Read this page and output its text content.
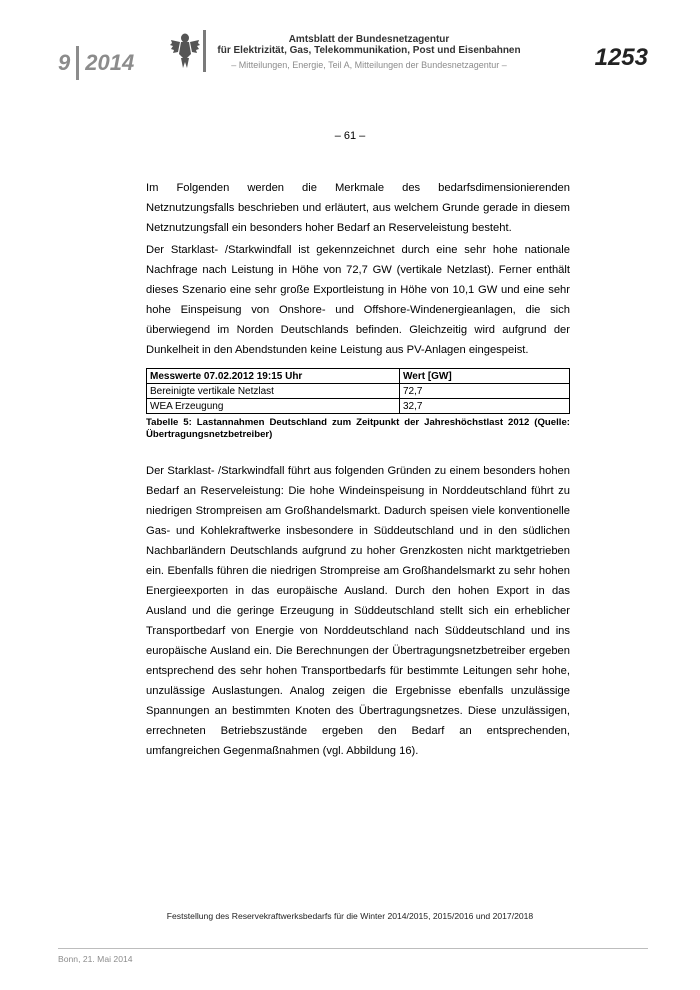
9 2014
Amtsblatt der Bundesnetzagentur
für Elektrizität, Gas, Telekommunikation, Post und Eisenbahnen
– Mitteilungen, Energie, Teil A, Mitteilungen der Bundesnetzagentur –	1253
– 61 –
Im Folgenden werden die Merkmale des bedarfsdimensionierenden Netznutzungsfalls beschrieben und erläutert, aus welchem Grunde gerade in diesem Netznutzungsfall ein besonders hoher Bedarf an Reserveleistung besteht.
Der Starklast- /Starkwindfall ist gekennzeichnet durch eine sehr hohe nationale Nachfrage nach Leistung in Höhe von 72,7 GW (vertikale Netzlast). Ferner enthält dieses Szenario eine sehr große Exportleistung in Höhe von 10,1 GW und eine sehr hohe Einspeisung von Onshore- und Offshore-Windenergieanlagen, die sich überwiegend im Norden Deutschlands befinden. Gleichzeitig wird aufgrund der Dunkelheit in den Abendstunden keine Leistung aus PV-Anlagen eingespeist.
Messwerte 07.02.2012 19:15 Uhr	Wert [GW]
Bereinigte vertikale Netzlast	72,7
WEA Erzeugung	32,7
Tabelle 5: Lastannahmen Deutschland zum Zeitpunkt der Jahreshöchstlast 2012 (Quelle: Übertragungsnetzbetreiber)
Der Starklast- /Starkwindfall führt aus folgenden Gründen zu einem besonders hohen Bedarf an Reserveleistung: Die hohe Windeinspeisung in Norddeutschland führt zu niedrigen Strompreisen am Großhandelsmarkt. Dadurch speisen viele konventionelle Gas- und Kohlekraftwerke insbesondere in Süddeutschland und in den südlichen Nachbarländern Deutschlands aufgrund zu hoher Grenzkosten nicht marktgetrieben ein. Ebenfalls führen die niedrigen Strompreise am Großhandelsmarkt zu sehr hohen Energieexporten in das europäische Ausland. Durch den hohen Export in das Ausland und die geringe Erzeugung in Süddeutschland stellt sich ein erheblicher Transportbedarf von Energie von Norddeutschland nach Süddeutschland und ins europäische Ausland ein. Die Berechnungen der Übertragungsnetzbetreiber ergeben entsprechend des sehr hohen Transportbedarfs für bestimmte Leitungen sehr hohe, unzulässige Auslastungen. Analog zeigen die Ergebnisse ebenfalls unzulässige Spannungen an bestimmten Knoten des Übertragungsnetzes. Diese unzulässigen, errechneten Betriebszustände ergeben den Bedarf an entsprechenden, umfangreichen Gegenmaßnahmen (vgl. Abbildung 16).
Feststellung des Reservekraftwerksbedarfs für die Winter 2014/2015, 2015/2016 und 2017/2018
Bonn, 21. Mai 2014
